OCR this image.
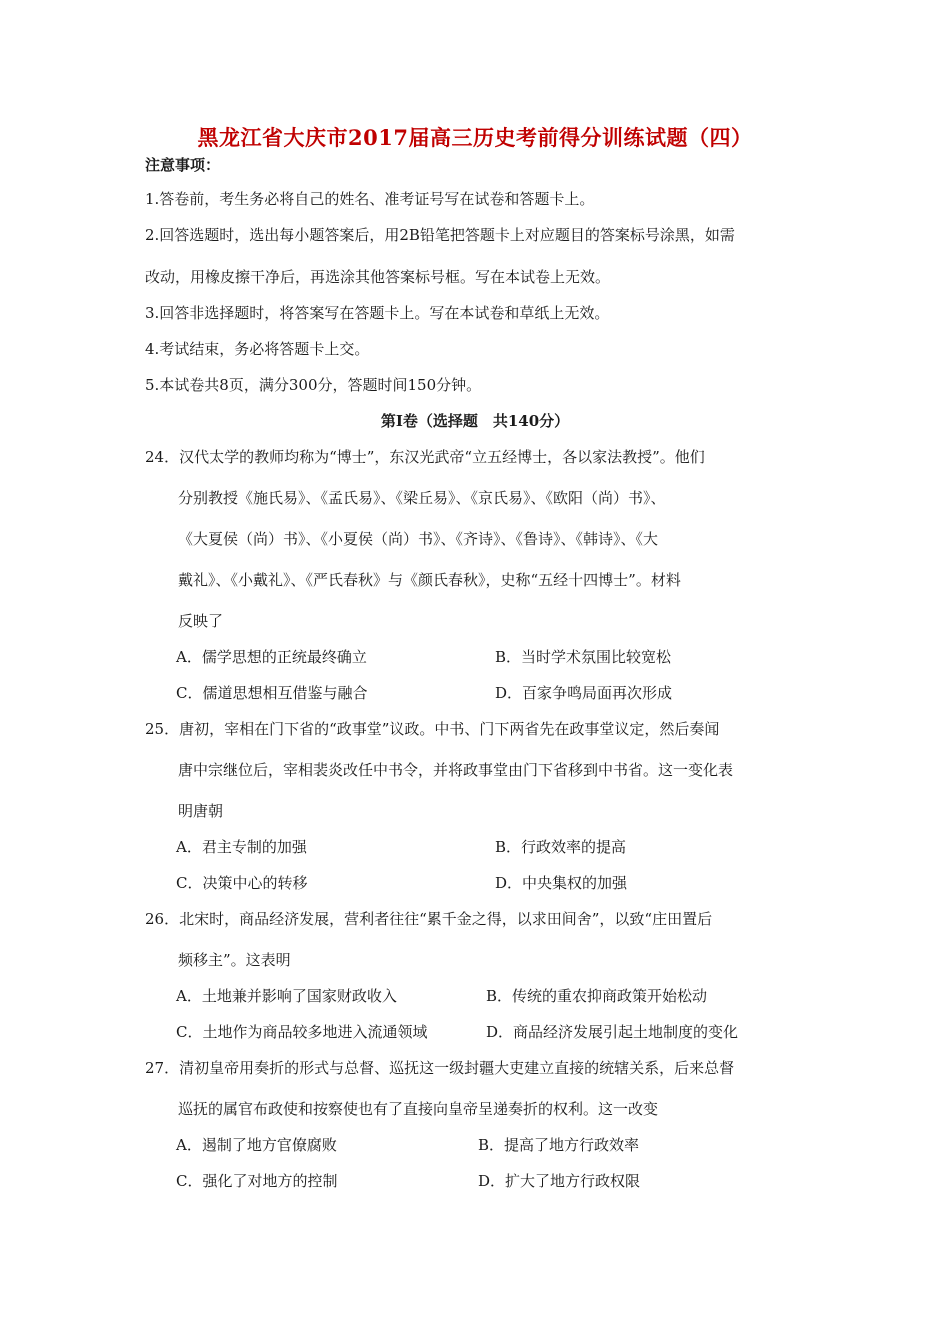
黑龙江省大庆市2017届高三历史考前得分训练试题（四）
注意事项：
1.答卷前，考生务必将自己的姓名、准考证号写在试卷和答题卡上。
2.回答选题时，选出每小题答案后，用2B铅笔把答题卡上对应题目的答案标号涂黑，如需
改动，用橡皮擦干净后，再选涂其他答案标号框。写在本试卷上无效。
3.回答非选择题时，将答案写在答题卡上。写在本试卷和草纸上无效。
4.考试结束，务必将答题卡上交。
5.本试卷共8页，满分300分，答题时间150分钟。
第I卷（选择题　共140分）
24．汉代太学的教师均称为“博士”，东汉光武帝“立五经博士，各以家法教授”。他们
分别教授《施氏易》、《孟氏易》、《梁丘易》、《京氏易》、《欧阳（尚）书》、
《大夏侯（尚）书》、《小夏侯（尚）书》、《齐诗》、《鲁诗》、《韩诗》、《大
戴礼》、《小戴礼》、《严氏春秋》与《颜氏春秋》，史称“五经十四博士”。材料
反映了
A．儒学思想的正统最终确立	B．当时学术氛围比较宽松
C．儒道思想相互借鉴与融合	D．百家争鸣局面再次形成
25．唐初，宰相在门下省的“政事堂”议政。中书、门下两省先在政事堂议定，然后奏闻
唐中宗继位后，宰相裴炎改任中书令，并将政事堂由门下省移到中书省。这一变化表
明唐朝
A．君主专制的加强	B．行政效率的提高
C．决策中心的转移	D．中央集权的加强
26．北宋时，商品经济发展，营利者往往“累千金之得，以求田间舍”，以致“庄田置后
频移主”。这表明
A．土地兼并影响了国家财政收入	B．传统的重农抑商政策开始松动
C．土地作为商品较多地进入流通领域	D．商品经济发展引起土地制度的变化
27．清初皇帝用奏折的形式与总督、巡抚这一级封疆大吏建立直接的统辖关系，后来总督
巡抚的属官布政使和按察使也有了直接向皇帝呈递奏折的权利。这一改变
A．遏制了地方官僚腐败	B．提高了地方行政效率
C．强化了对地方的控制	D．扩大了地方行政权限
